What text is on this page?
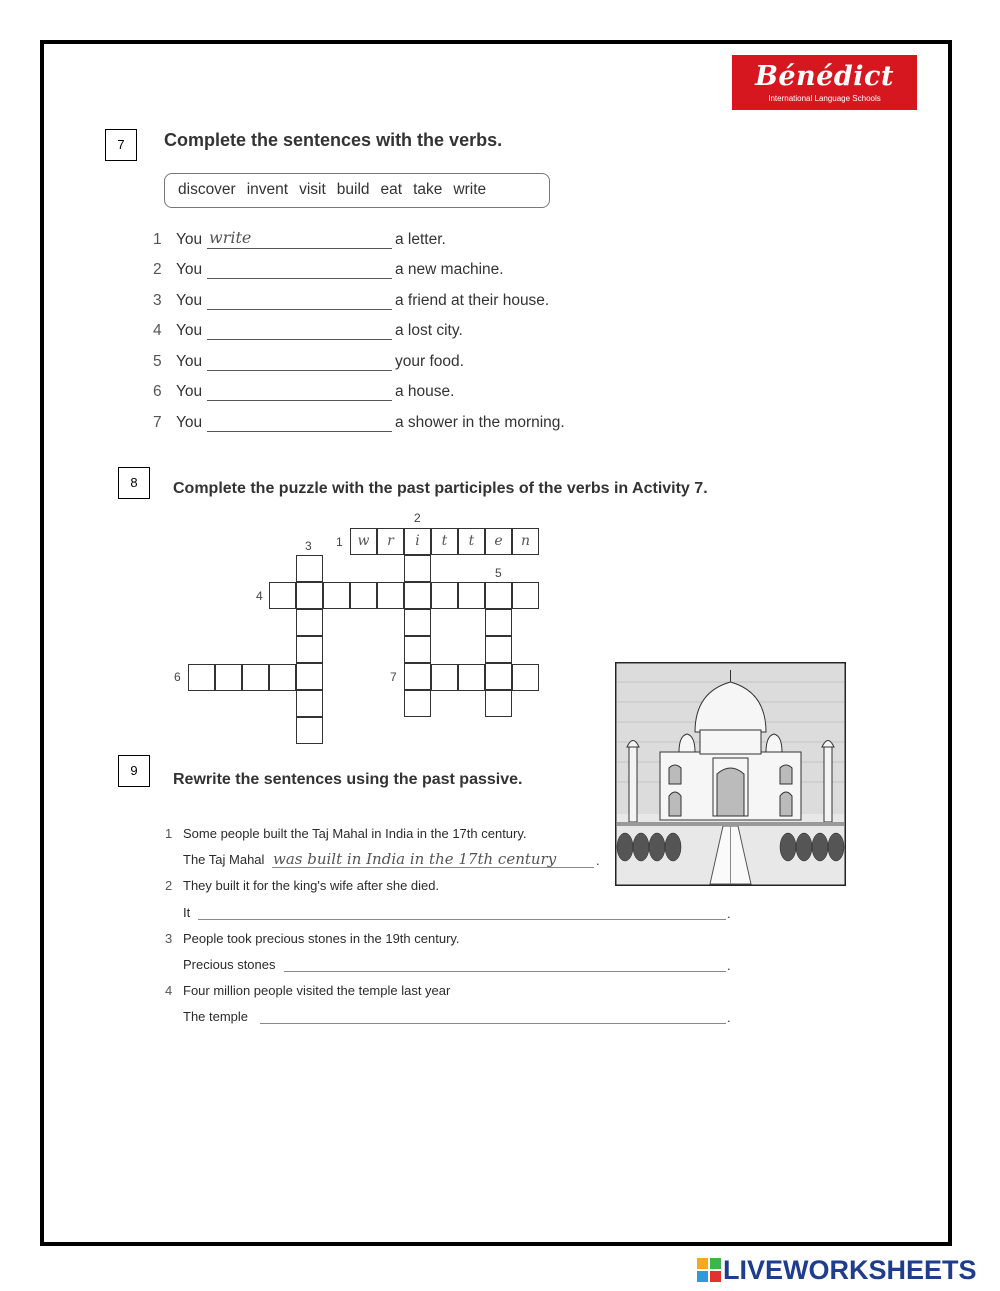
Bénédict
International Language Schools
7	Complete the sentences with the verbs.
discover invent visit build eat take write
1 You write	a letter.
2 You	a new machine.
3 You	a friend at their house.
4 You	a lost city.
5 You	your food.
6 You	a house.
7 You	a shower in the morning.
8	Complete the puzzle with the past participles of the verbs in Activity 7.
w	r	i	t	t	e	n
1
2
3
4
5
6	7
9
Rewrite the sentences using the past passive.
1 Some people built the Taj Mahal in India in the 17th century.
The Taj Mahal was built in India in the 17th century	.
2 They built it for the king's wife after she died.
It	.
3 People took precious stones in the 19th century.
Precious stones	.
4 Four million people visited the temple last year
The temple	.
LIVEWORKSHEETS
